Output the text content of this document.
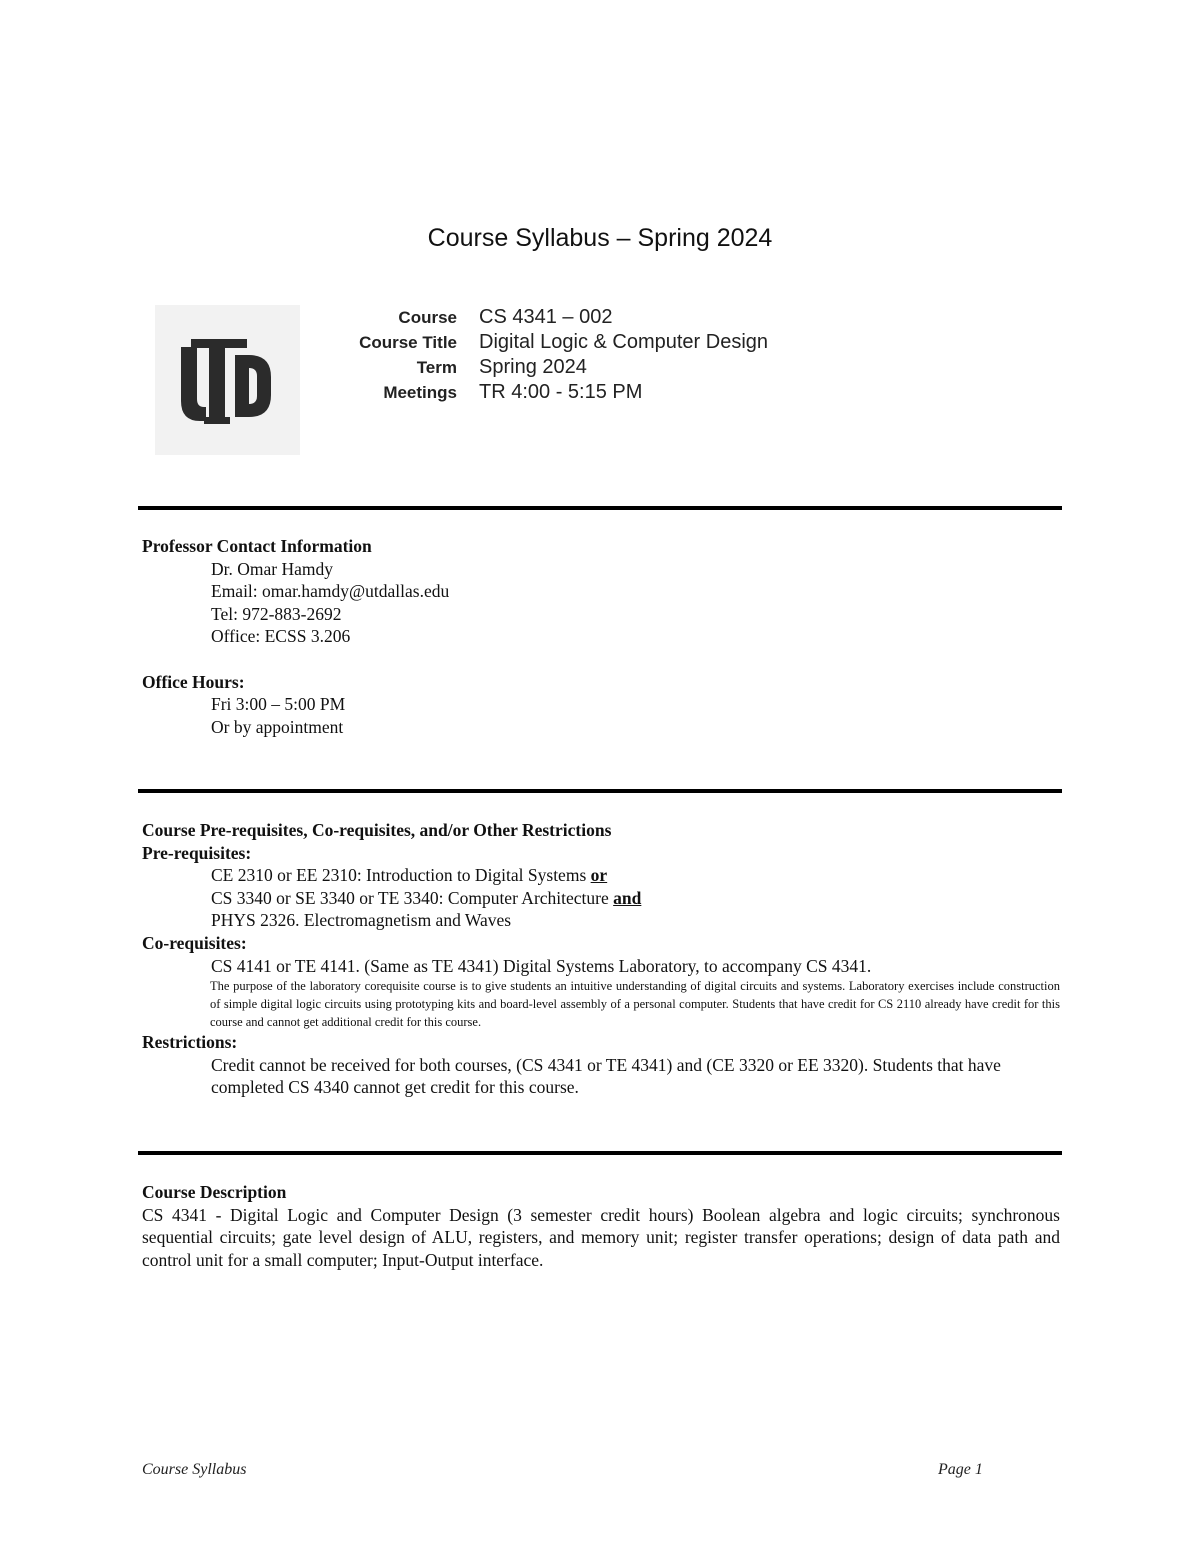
Course Syllabus – Spring 2024
Course CS 4341 – 002
Course Title Digital Logic & Computer Design
Term Spring 2024
Meetings TR 4:00 - 5:15 PM
Professor Contact Information
Dr. Omar Hamdy
Email: omar.hamdy@utdallas.edu
Tel: 972-883-2692
Office: ECSS 3.206
Office Hours:
Fri 3:00 – 5:00 PM
Or by appointment
Course Pre-requisites, Co-requisites, and/or Other Restrictions
Pre-requisites:
CE 2310 or EE 2310: Introduction to Digital Systems or
CS 3340 or SE 3340 or TE 3340: Computer Architecture and
PHYS 2326. Electromagnetism and Waves
Co-requisites:
CS 4141 or TE 4141. (Same as TE 4341) Digital Systems Laboratory, to accompany CS 4341.
The purpose of the laboratory corequisite course is to give students an intuitive understanding of digital circuits and systems. Laboratory exercises include construction of simple digital logic circuits using prototyping kits and board-level assembly of a personal computer. Students that have credit for CS 2110 already have credit for this course and cannot get additional credit for this course.
Restrictions:
Credit cannot be received for both courses, (CS 4341 or TE 4341) and (CE 3320 or EE 3320). Students that have completed CS 4340 cannot get credit for this course.
Course Description
CS 4341 - Digital Logic and Computer Design (3 semester credit hours) Boolean algebra and logic circuits; synchronous sequential circuits; gate level design of ALU, registers, and memory unit; register transfer operations; design of data path and control unit for a small computer; Input-Output interface.
Course Syllabus	Page 1
